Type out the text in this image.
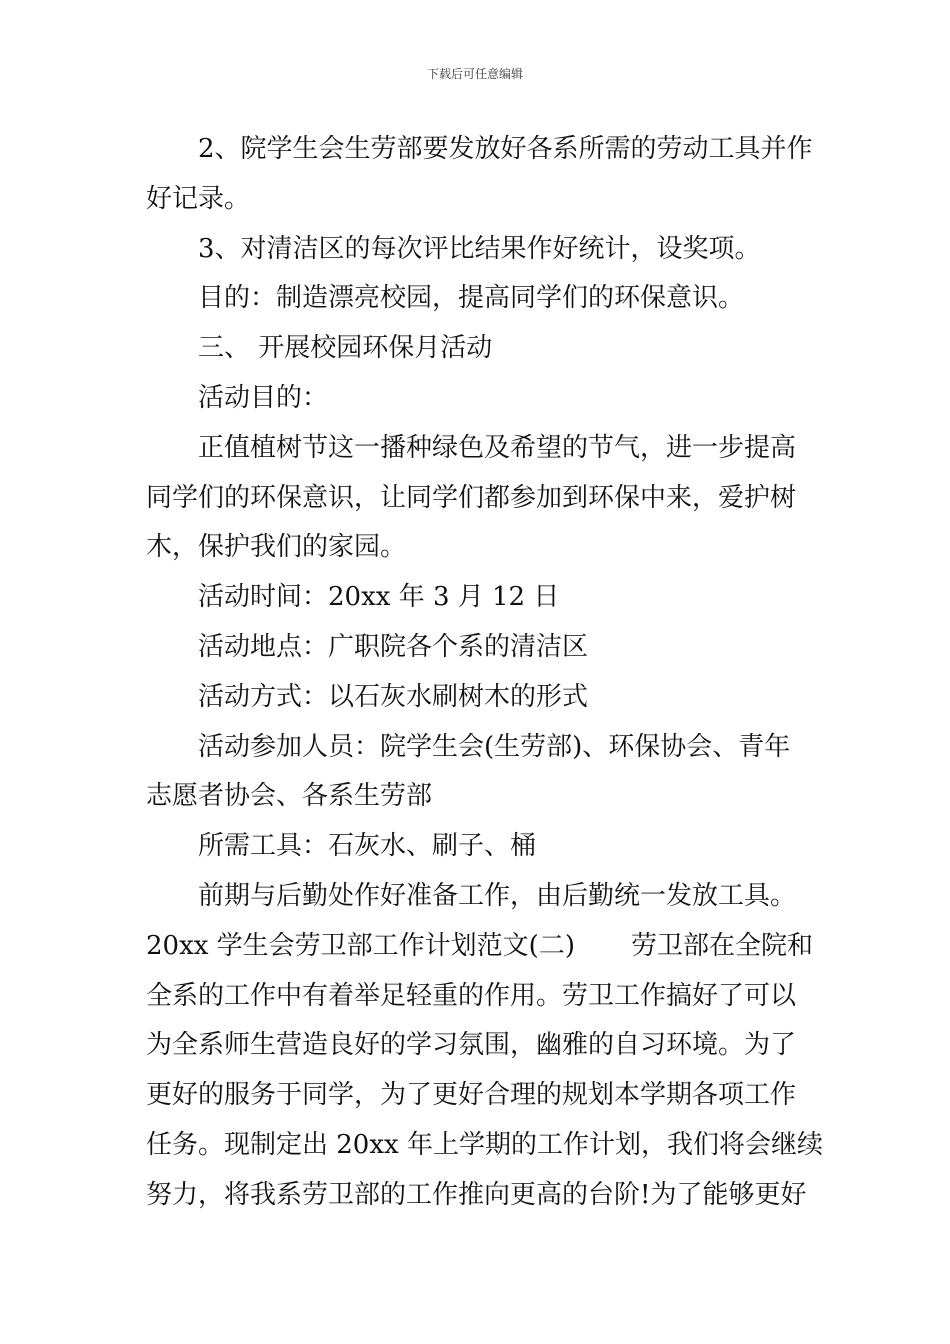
下载后可任意编辑

2、院学生会生劳部要发放好各系所需的劳动工具并作

好记录。

3、对清洁区的每次评比结果作好统计，设奖项。

目的：制造漂亮校园，提高同学们的环保意识。

三、 开展校园环保月活动

活动目的：

正值植树节这一播种绿色及希望的节气，进一步提高

同学们的环保意识，让同学们都参加到环保中来，爱护树

木，保护我们的家园。

活动时间：20xx 年 3 月 12 日

活动地点：广职院各个系的清洁区

活动方式：以石灰水刷树木的形式

活动参加人员：院学生会(生劳部)、环保协会、青年

志愿者协会、各系生劳部

所需工具：石灰水、刷子、桶

前期与后勤处作好准备工作，由后勤统一发放工具。

20xx 学生会劳卫部工作计划范文(二) 劳卫部在全院和

全系的工作中有着举足轻重的作用。劳卫工作搞好了可以

为全系师生营造良好的学习氛围，幽雅的自习环境。为了

更好的服务于同学，为了更好合理的规划本学期各项工作

任务。现制定出 20xx 年上学期的工作计划，我们将会继续

努力，将我系劳卫部的工作推向更高的台阶!为了能够更好
